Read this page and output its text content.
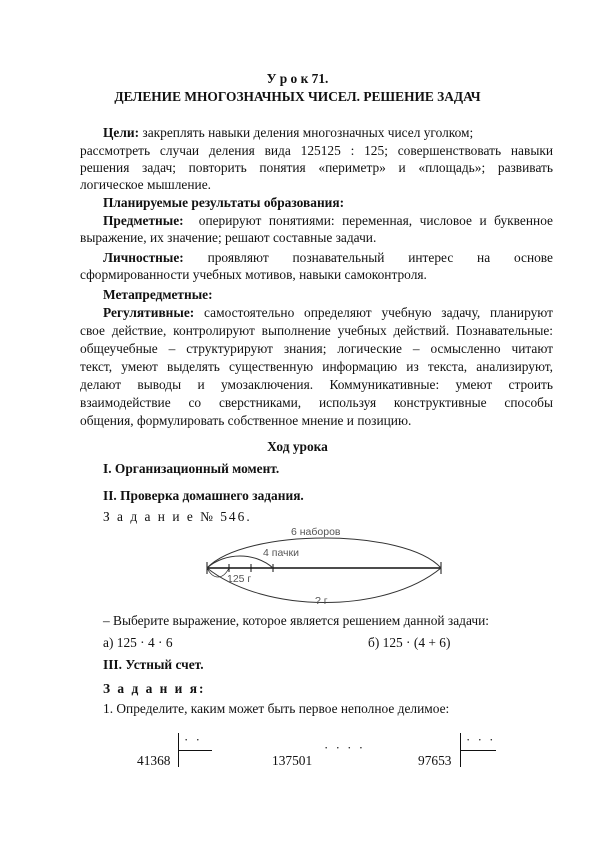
У р о к 71.
ДЕЛЕНИЕ МНОГОЗНАЧНЫХ ЧИСЕЛ. РЕШЕНИЕ ЗАДАЧ
Цели: закреплять навыки деления многозначных чисел уголком;
рассмотреть случаи деления вида 125125 : 125; совершенствовать навыки
решения задач; повторить понятия «периметр» и «площадь»; развивать
логическое мышление.
Планируемые результаты образования:
Предметные: оперируют понятиями: переменная, числовое и буквенное
выражение, их значение; решают составные задачи.
Личностные: проявляют познавательный интерес на основе
сформированности учебных мотивов, навыки самоконтроля.
Метапредметные:
Регулятивные: самостоятельно определяют учебную задачу, планируют
свое действие, контролируют выполнение учебных действий. Познавательные:
общеучебные – структурируют знания; логические – осмысленно читают
текст, умеют выделять существенную информацию из текста, анализируют,
делают выводы и умозаключения. Коммуникативные: умеют строить
взаимодействие со сверстниками, используя конструктивные способы
общения, формулировать собственное мнение и позицию.
Ход урока
I. Организационный момент.
II. Проверка домашнего задания.
З а д а н и е № 546.
6 наборов
4 пачки
125 г
? г
– Выберите выражение, которое является решением данной задачи:
а) 125 · 4 · 6	б) 125 · (4 + 6)
III. Устный счет.
З а д а н и я:
1. Определите, каким может быть первое неполное делимое:
41368
· ·
137501
· · · ·
97653
· · ·
